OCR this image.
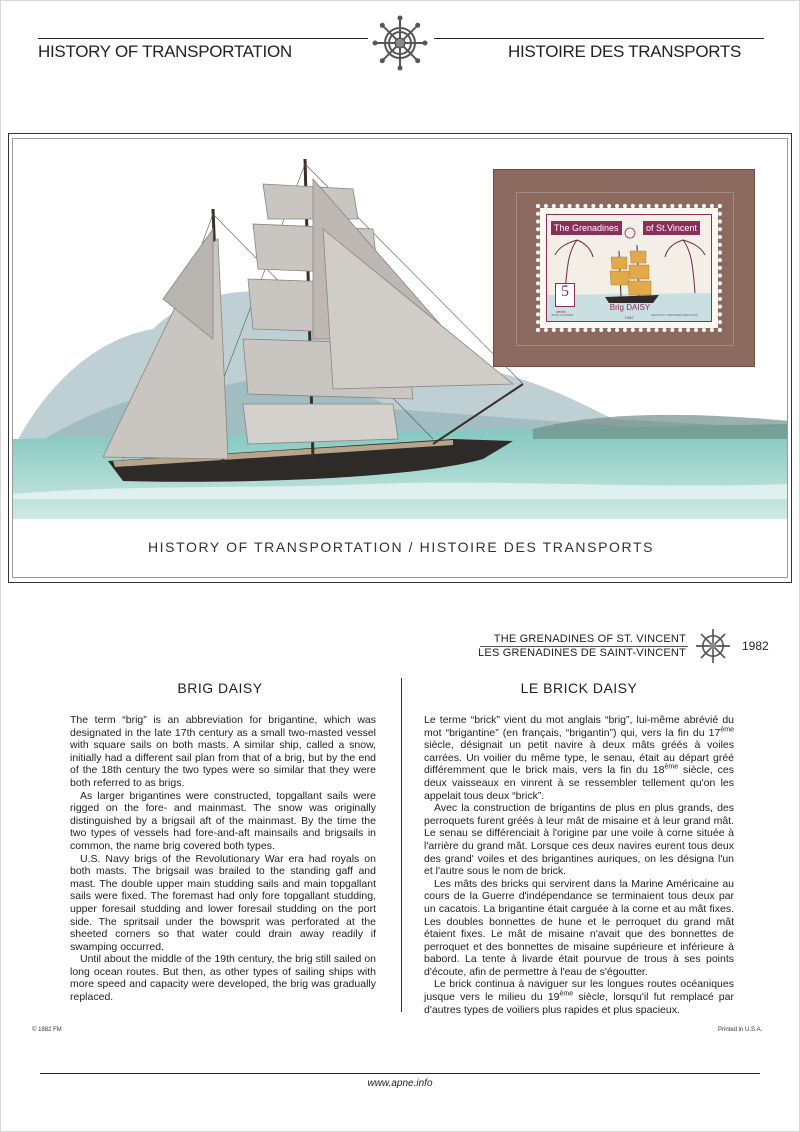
HISTORY OF TRANSPORTATION	HISTOIRE DES TRANSPORTS
The Grenadines	of St.Vincent
5
cents	Brig DAISY
1982
JOHN COOPER	SECURITY PRINTERS MALAYSIA
HISTORY OF TRANSPORTATION / HISTOIRE DES TRANSPORTS
THE GRENADINES OF ST. VINCENT
LES GRENADINES DE SAINT-VINCENT	1982
BRIG DAISY	LE BRICK DAISY

The term “brig” is an abbreviation for brigantine, which was designated in the late 17th century as a small two-masted vessel with square sails on both masts. A similar ship, called a snow, initially had a different sail plan from that of a brig, but by the end of the 18th century the two types were so similar that they were both referred to as brigs.

As larger brigantines were constructed, topgallant sails were rigged on the fore- and mainmast. The snow was originally distinguished by a brigsail aft of the mainmast. By the time the two types of vessels had fore-and-aft mainsails and brigsails in common, the name brig covered both types.

U.S. Navy brigs of the Revolutionary War era had royals on both masts. The brigsail was brailed to the standing gaff and mast. The double upper main studding sails and main topgallant sails were fixed. The foremast had only fore topgallant studding, upper foresail studding and lower foresail studding on the port side. The spritsail under the bowsprit was perforated at the sheeted corners so that water could drain away readily if swamping occurred.

Until about the middle of the 19th century, the brig still sailed on long ocean routes. But then, as other types of sailing ships with more speed and capacity were developed, the brig was gradually replaced.

Le terme “brick” vient du mot anglais “brig”, lui-même abrévié du mot “brigantine” (en français, “brigantin”) qui, vers la fin du 17ème siècle, désignait un petit navire à deux mâts gréés à voiles carrées. Un voilier du même type, le senau, était au départ gréé différemment que le brick mais, vers la fin du 18ème siècle, ces deux vaisseaux en vinrent à se ressembler tellement qu'on les appelait tous deux “brick”.

Avec la construction de brigantins de plus en plus grands, des perroquets furent gréés à leur mât de misaine et à leur grand mât. Le senau se différenciait à l'origine par une voile à corne située à l'arrière du grand mât. Lorsque ces deux navires eurent tous deux des grand' voiles et des brigantines auriques, on les désigna l'un et l'autre sous le nom de brick.

Les mâts des bricks qui servirent dans la Marine Américaine au cours de la Guerre d'indépendance se terminaient tous deux par un cacatois. La brigantine était carguée à la corne et au mât fixes. Les doubles bonnettes de hune et le perroquet du grand mât étaient fixes. Le mât de misaine n'avait que des bonnettes de perroquet et des bonnettes de misaine supérieure et inférieure à babord. La tente à livarde était pourvue de trous à ses points d'écoute, afin de permettre à l'eau de s'égoutter.

Le brick continua à naviguer sur les longues routes océaniques jusque vers le milieu du 19ème siècle, lorsqu'il fut remplacé par d'autres types de voiliers plus rapides et plus spacieux.

© 1982 FM	Printed in U.S.A.
www.apne.info
